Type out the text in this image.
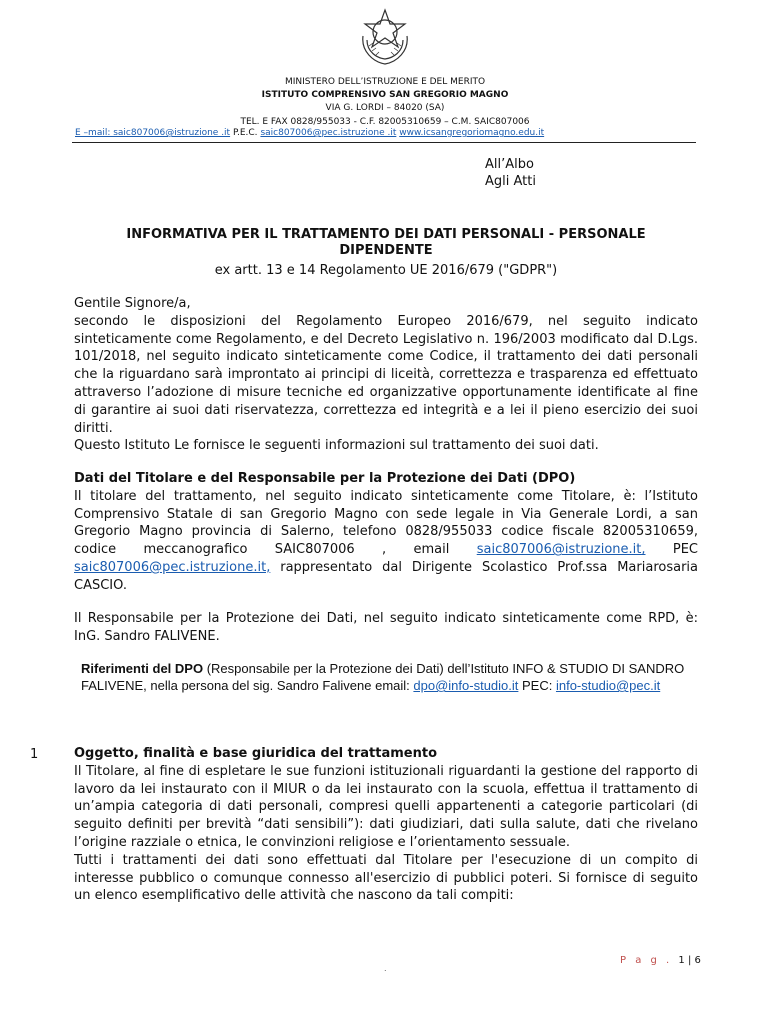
MINISTERO DELL’ISTRUZIONE E DEL MERITO
ISTITUTO COMPRENSIVO SAN GREGORIO MAGNO
VIA G. LORDI – 84020 (SA)
TEL. E FAX 0828/955033 - C.F. 82005310659 – C.M. SAIC807006
E –mail: saic807006@istruzione .it P.E.C. saic807006@pec.istruzione .it www.icsangregoriomagno.edu.it
All’Albo
Agli Atti
INFORMATIVA PER IL TRATTAMENTO DEI DATI PERSONALI - PERSONALE
DIPENDENTE
ex artt. 13 e 14 Regolamento UE 2016/679 ("GDPR")

Gentile Signore/a,

secondo le disposizioni del Regolamento Europeo 2016/679, nel seguito indicato sinteticamente come Regolamento, e del Decreto Legislativo n. 196/2003 modificato dal D.Lgs. 101/2018, nel seguito indicato sinteticamente come Codice, il trattamento dei dati personali che la riguardano sarà improntato ai principi di liceità, correttezza e trasparenza ed effettuato attraverso l’adozione di misure tecniche ed organizzative opportunamente identificate al fine di garantire ai suoi dati riservatezza, correttezza ed integrità e a lei il pieno esercizio dei suoi diritti.

Questo Istituto Le fornisce le seguenti informazioni sul trattamento dei suoi dati.

Dati del Titolare e del Responsabile per la Protezione dei Dati (DPO)

Il titolare del trattamento, nel seguito indicato sinteticamente come Titolare, è: l’Istituto Comprensivo Statale di san Gregorio Magno con sede legale in Via Generale Lordi, a san Gregorio Magno provincia di Salerno, telefono 0828/955033 codice fiscale 82005310659, codice meccanografico SAIC807006 , email saic807006@istruzione.it, PEC saic807006@pec.istruzione.it, rappresentato dal Dirigente Scolastico Prof.ssa Mariarosaria CASCIO.

Il Responsabile per la Protezione dei Dati, nel seguito indicato sinteticamente come RPD, è: InG. Sandro FALIVENE.
Riferimenti del DPO (Responsabile per la Protezione dei Dati) dell’Istituto INFO & STUDIO DI SANDRO FALIVENE, nella persona del sig. Sandro Falivene email: dpo@info-studio.it PEC: info-studio@pec.it
1	Oggetto, finalità e base giuridica del trattamento

Il Titolare, al fine di espletare le sue funzioni istituzionali riguardanti la gestione del rapporto di lavoro da lei instaurato con il MIUR o da lei instaurato con la scuola, effettua il trattamento di un’ampia categoria di dati personali, compresi quelli appartenenti a categorie particolari (di seguito definiti per brevità “dati sensibili”): dati giudiziari, dati sulla salute, dati che rivelano l’origine razziale o etnica, le convinzioni religiose e l’orientamento sessuale.

Tutti i trattamenti dei dati sono effettuati dal Titolare per l'esecuzione di un compito di interesse pubblico o comunque connesso all'esercizio di pubblici poteri. Si fornisce di seguito un elenco esemplificativo delle attività che nascono da tali compiti:

P a g . 1 | 6
.
